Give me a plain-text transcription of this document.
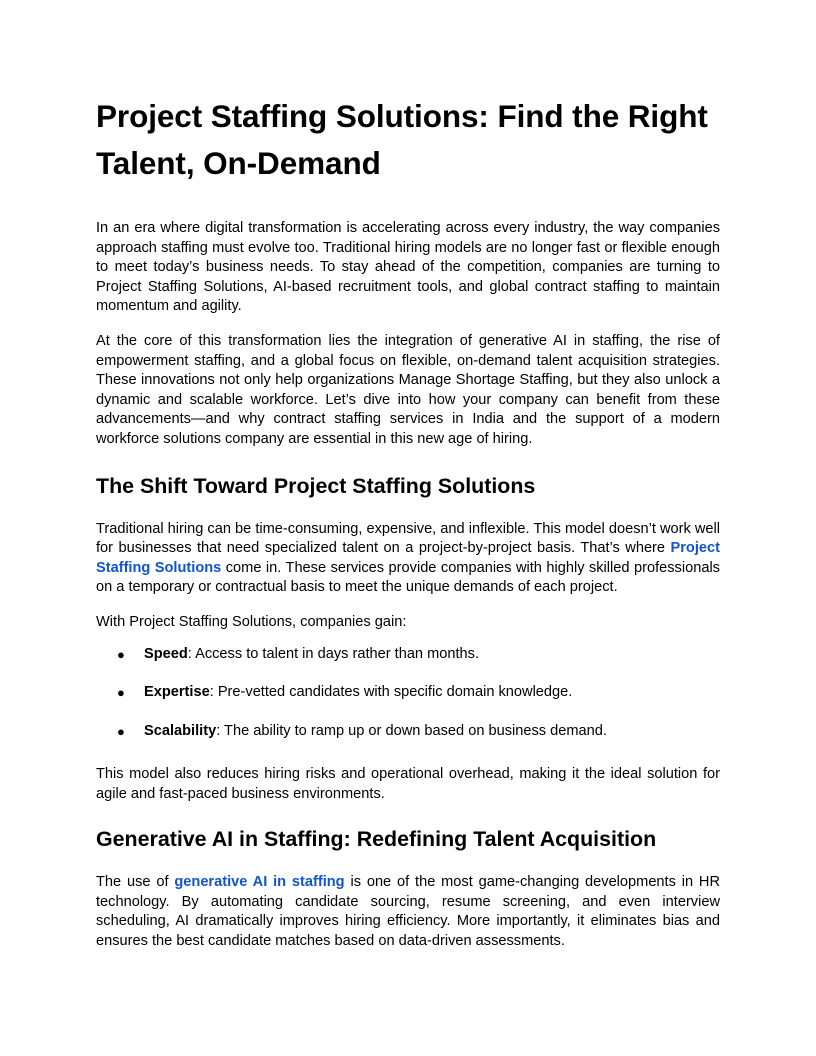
Project Staffing Solutions: Find the Right Talent, On-Demand

In an era where digital transformation is accelerating across every industry, the way companies approach staffing must evolve too. Traditional hiring models are no longer fast or flexible enough to meet today’s business needs. To stay ahead of the competition, companies are turning to Project Staffing Solutions, AI-based recruitment tools, and global contract staffing to maintain momentum and agility.

At the core of this transformation lies the integration of generative AI in staffing, the rise of empowerment staffing, and a global focus on flexible, on-demand talent acquisition strategies. These innovations not only help organizations Manage Shortage Staffing, but they also unlock a dynamic and scalable workforce. Let’s dive into how your company can benefit from these advancements—and why contract staffing services in India and the support of a modern workforce solutions company are essential in this new age of hiring.

The Shift Toward Project Staffing Solutions

Traditional hiring can be time-consuming, expensive, and inflexible. This model doesn’t work well for businesses that need specialized talent on a project-by-project basis. That’s where Project Staffing Solutions come in. These services provide companies with highly skilled professionals on a temporary or contractual basis to meet the unique demands of each project.

With Project Staffing Solutions, companies gain:

● Speed: Access to talent in days rather than months.
● Expertise: Pre-vetted candidates with specific domain knowledge.
● Scalability: The ability to ramp up or down based on business demand.

This model also reduces hiring risks and operational overhead, making it the ideal solution for agile and fast-paced business environments.

Generative AI in Staffing: Redefining Talent Acquisition

The use of generative AI in staffing is one of the most game-changing developments in HR technology. By automating candidate sourcing, resume screening, and even interview scheduling, AI dramatically improves hiring efficiency. More importantly, it eliminates bias and ensures the best candidate matches based on data-driven assessments.
